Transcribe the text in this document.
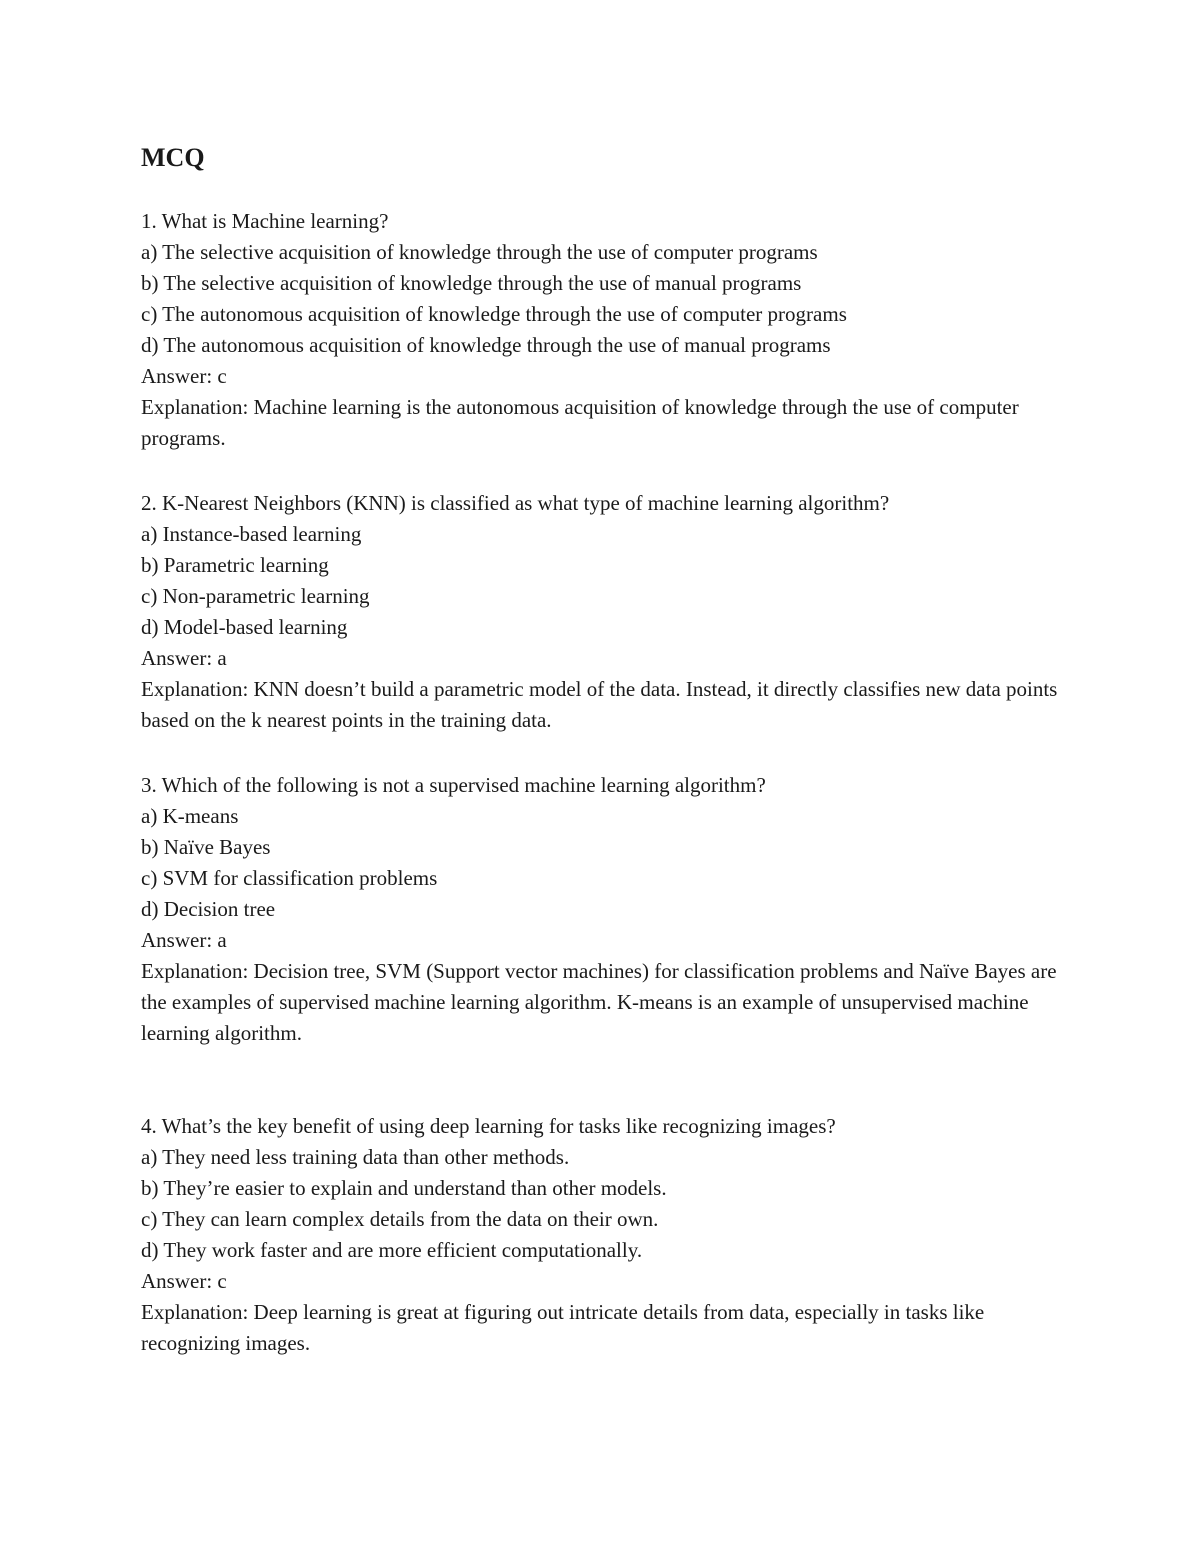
MCQ
1. What is Machine learning?
a) The selective acquisition of knowledge through the use of computer programs
b) The selective acquisition of knowledge through the use of manual programs
c) The autonomous acquisition of knowledge through the use of computer programs
d) The autonomous acquisition of knowledge through the use of manual programs
Answer: c
Explanation: Machine learning is the autonomous acquisition of knowledge through the use of computer programs.
2. K-Nearest Neighbors (KNN) is classified as what type of machine learning algorithm?
a) Instance-based learning
b) Parametric learning
c) Non-parametric learning
d) Model-based learning
Answer: a
Explanation: KNN doesn’t build a parametric model of the data. Instead, it directly classifies new data points based on the k nearest points in the training data.
3. Which of the following is not a supervised machine learning algorithm?
a) K-means
b) Naïve Bayes
c) SVM for classification problems
d) Decision tree
Answer: a
Explanation: Decision tree, SVM (Support vector machines) for classification problems and Naïve Bayes are the examples of supervised machine learning algorithm. K-means is an example of unsupervised machine learning algorithm.
4. What’s the key benefit of using deep learning for tasks like recognizing images?
a) They need less training data than other methods.
b) They’re easier to explain and understand than other models.
c) They can learn complex details from the data on their own.
d) They work faster and are more efficient computationally.
Answer: c
Explanation: Deep learning is great at figuring out intricate details from data, especially in tasks like recognizing images.
